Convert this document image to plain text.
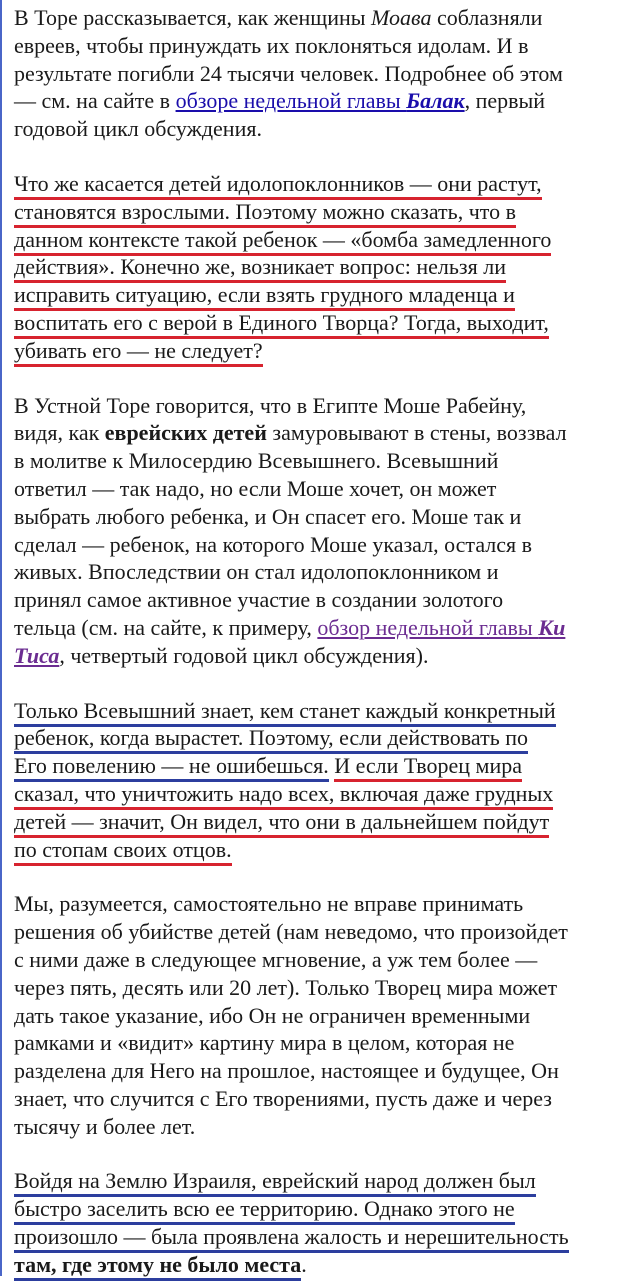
В Торе рассказывается, как женщины Моава соблазняли
евреев, чтобы принуждать их поклоняться идолам. И в
результате погибли 24 тысячи человек. Подробнее об этом
— см. на сайте в обзоре недельной главы Балак, первый
годовой цикл обсуждения.

Что же касается детей идолопоклонников — они растут,
становятся взрослыми. Поэтому можно сказать, что в
данном контексте такой ребенок — «бомба замедленного
действия». Конечно же, возникает вопрос: нельзя ли
исправить ситуацию, если взять грудного младенца и
воспитать его с верой в Единого Творца? Тогда, выходит,
убивать его — не следует?

В Устной Торе говорится, что в Египте Моше Рабейну,
видя, как еврейских детей замуровывают в стены, воззвал
в молитве к Милосердию Всевышнего. Всевышний
ответил — так надо, но если Моше хочет, он может
выбрать любого ребенка, и Он спасет его. Моше так и
сделал — ребенок, на которого Моше указал, остался в
живых. Впоследствии он стал идолопоклонником и
принял самое активное участие в создании золотого
тельца (см. на сайте, к примеру, обзор недельной главы Ки
Тиса, четвертый годовой цикл обсуждения).

Только Всевышний знает, кем станет каждый конкретный
ребенок, когда вырастет. Поэтому, если действовать по
Его повелению — не ошибешься. И если Творец мира
сказал, что уничтожить надо всех, включая даже грудных
детей — значит, Он видел, что они в дальнейшем пойдут
по стопам своих отцов.

Мы, разумеется, самостоятельно не вправе принимать
решения об убийстве детей (нам неведомо, что произойдет
с ними даже в следующее мгновение, а уж тем более —
через пять, десять или 20 лет). Только Творец мира может
дать такое указание, ибо Он не ограничен временными
рамками и «видит» картину мира в целом, которая не
разделена для Него на прошлое, настоящее и будущее, Он
знает, что случится с Его творениями, пусть даже и через
тысячу и более лет.

Войдя на Землю Израиля, еврейский народ должен был
быстро заселить всю ее территорию. Однако этого не
произошло — была проявлена жалость и нерешительность
там, где этому не было места.
